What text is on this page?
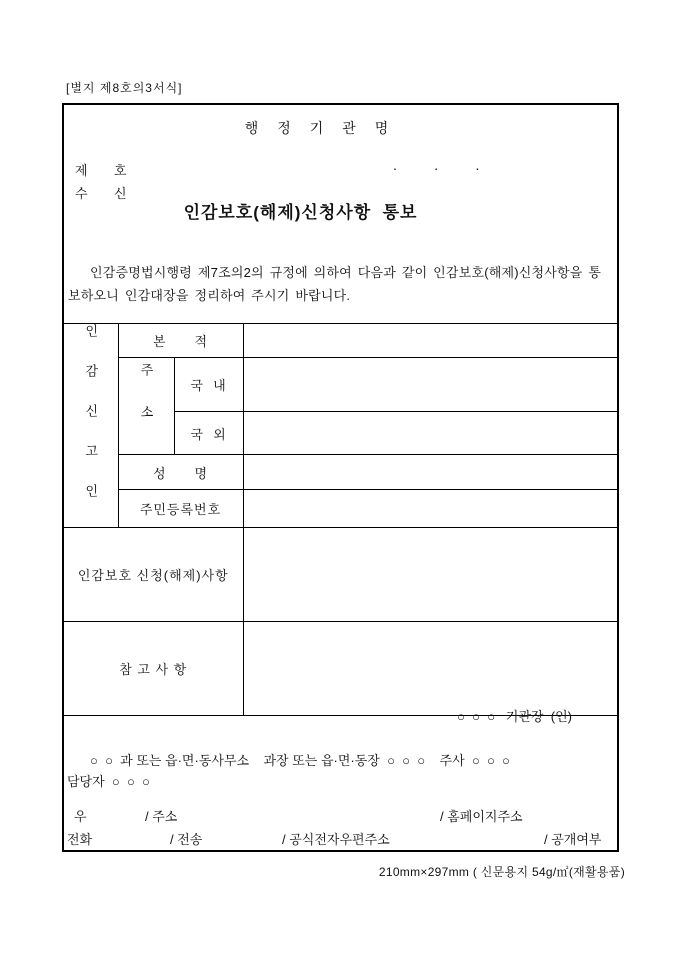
[별지 제8호의3서식]
행정기관명
제 호	.      .      .
수 신
인감보호(해제)신청사항  통보
인감증명법시행령 제7조의2의 규정에 의하여 다음과 같이 인감보호(해제)신청사항을 통
보하오니 인감대장을 정리하여 주시기 바랍니다.
인감신고인	본　　적		
	주소	국  내	
		국  외	
	성　　명		
	주민등록번호		
인감보호 신청(해제)사항			
참 고 사 항			
○  ○  ○   기관장  (인)
○  ○  과 또는 읍·면·동사무소    과장 또는 읍·면·동장  ○  ○  ○    주사  ○  ○  ○
담당자  ○  ○  ○
우	/ 주소	/ 홈페이지주소
전화	/ 전송	/ 공식전자우편주소	/ 공개여부
210mm×297mm ( 신문용지 54g/㎡(재활용품)
